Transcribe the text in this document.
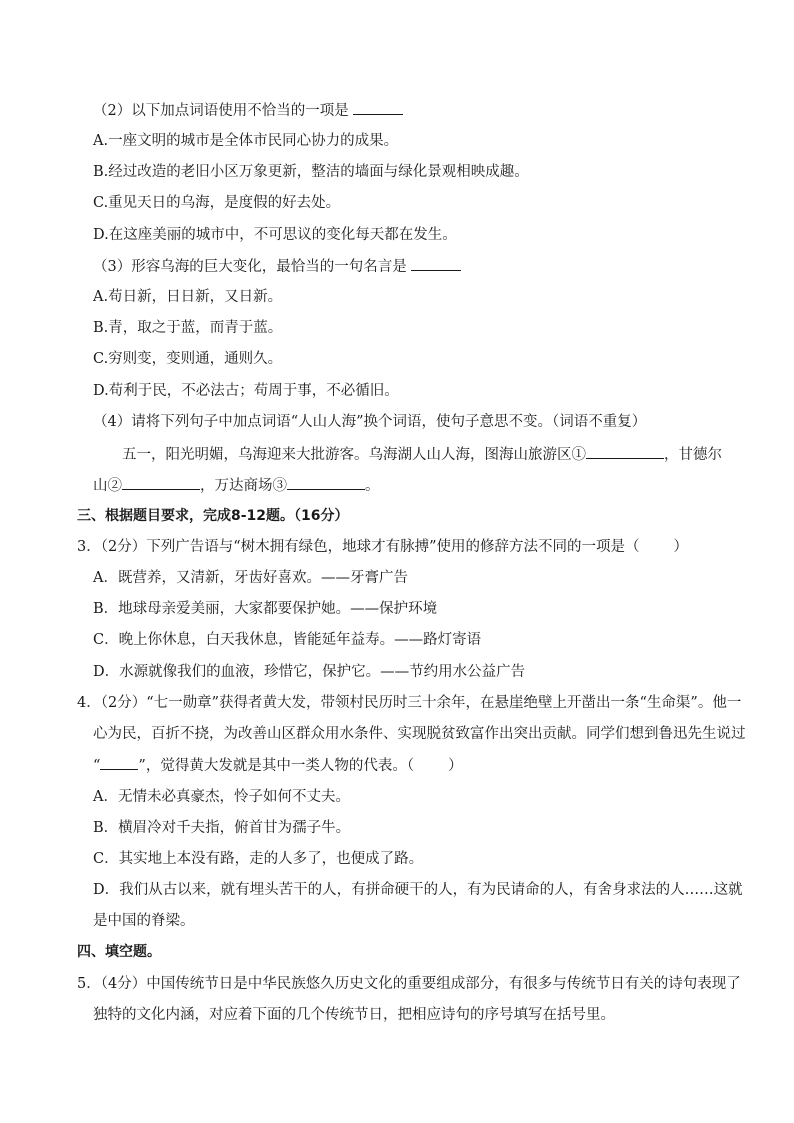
（2）以下加点词语使用不恰当的一项是
A.一座文明的城市是全体市民同心协力的成果。
B.经过改造的老旧小区万象更新，整洁的墙面与绿化景观相映成趣。
C.重见天日的乌海，是度假的好去处。
D.在这座美丽的城市中，不可思议的变化每天都在发生。
（3）形容乌海的巨大变化，最恰当的一句名言是
A.苟日新，日日新，又日新。
B.青，取之于蓝，而青于蓝。
C.穷则变，变则通，通则久。
D.苟利于民，不必法古；苟周于事，不必循旧。
（4）请将下列句子中加点词语“人山人海”换个词语，使句子意思不变。（词语不重复）
五一，阳光明媚，乌海迎来大批游客。乌海湖人山人海，图海山旅游区①	，甘德尔
山②	，万达商场③	。
三、根据题目要求，完成8-12题。（16分）
3．（2分）下列广告语与“树木拥有绿色，地球才有脉搏”使用的修辞方法不同的一项是（ ）
A．既营养，又清新，牙齿好喜欢。——牙膏广告
B．地球母亲爱美丽，大家都要保护她。——保护环境
C．晚上你休息，白天我休息，皆能延年益寿。——路灯寄语
D．水源就像我们的血液，珍惜它，保护它。——节约用水公益广告
4．（2分）“七一勋章”获得者黄大发，带领村民历时三十余年，在悬崖绝壁上开凿出一条“生命渠”。他一
心为民，百折不挠，为改善山区群众用水条件、实现脱贫致富作出突出贡献。同学们想到鲁迅先生说过
“	”，觉得黄大发就是其中一类人物的代表。（ ）
A．无情未必真豪杰，怜子如何不丈夫。
B．横眉冷对千夫指，俯首甘为孺子牛。
C．其实地上本没有路，走的人多了，也便成了路。
D．我们从古以来，就有埋头苦干的人，有拼命硬干的人，有为民请命的人，有舍身求法的人……这就
是中国的脊梁。
四、填空题。
5．（4分）中国传统节日是中华民族悠久历史文化的重要组成部分，有很多与传统节日有关的诗句表现了
独特的文化内涵，对应着下面的几个传统节日，把相应诗句的序号填写在括号里。
